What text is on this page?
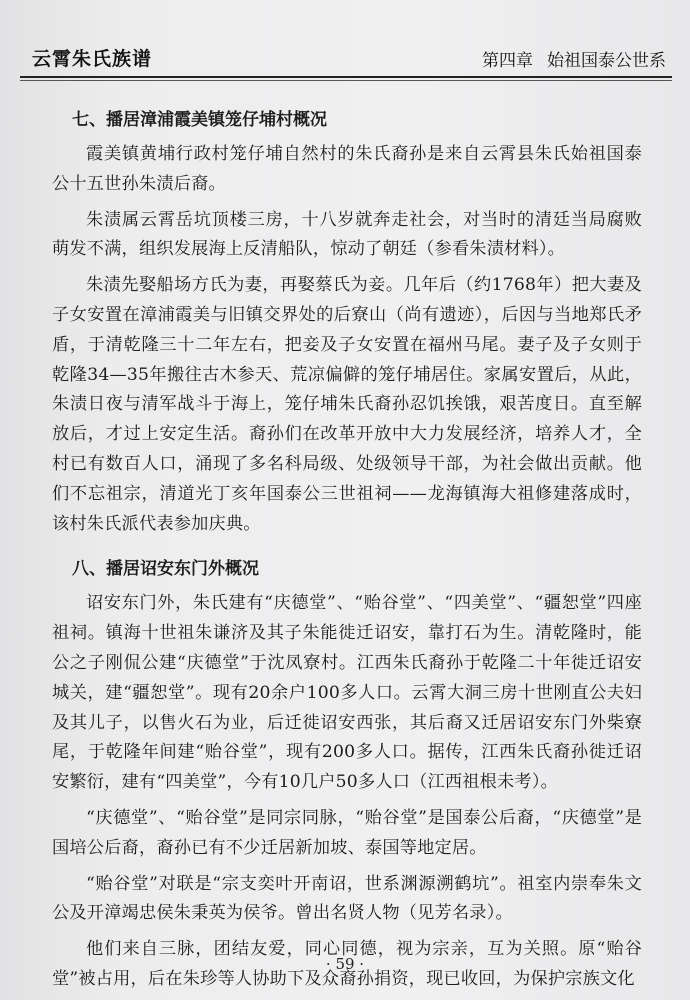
云霄朱氏族谱	第四章 始祖国泰公世系
七、播居漳浦霞美镇笼仔埔村概况

霞美镇黄埔行政村笼仔埔自然村的朱氏裔孙是来自云霄县朱氏始祖国泰公十五世孙朱渍后裔。

朱渍属云霄岳坑顶楼三房，十八岁就奔走社会，对当时的清廷当局腐败萌发不满，组织发展海上反清船队，惊动了朝廷（参看朱渍材料）。

朱渍先娶船场方氏为妻，再娶蔡氏为妾。几年后（约1768年）把大妻及子女安置在漳浦霞美与旧镇交界处的后寮山（尚有遗迹），后因与当地郑氏矛盾，于清乾隆三十二年左右，把妾及子女安置在福州马尾。妻子及子女则于乾隆34—35年搬往古木参天、荒凉偏僻的笼仔埔居住。家属安置后，从此，朱渍日夜与清军战斗于海上，笼仔埔朱氏裔孙忍饥挨饿，艰苦度日。直至解放后，才过上安定生活。裔孙们在改革开放中大力发展经济，培养人才，全村已有数百人口，涌现了多名科局级、处级领导干部，为社会做出贡献。他们不忘祖宗，清道光丁亥年国泰公三世祖祠——龙海镇海大祖修建落成时，该村朱氏派代表参加庆典。

八、播居诏安东门外概况

诏安东门外，朱氏建有“庆德堂”、“贻谷堂”、“四美堂”、“疆恕堂”四座祖祠。镇海十世祖朱谦济及其子朱能徙迁诏安，靠打石为生。清乾隆时，能公之子刚侃公建“庆德堂”于沈凤寮村。江西朱氏裔孙于乾隆二十年徙迁诏安城关，建“疆恕堂”。现有20余户100多人口。云霄大洞三房十世刚直公夫妇及其儿子，以售火石为业，后迁徙诏安西张，其后裔又迁居诏安东门外柴寮尾，于乾隆年间建“贻谷堂”，现有200多人口。据传，江西朱氏裔孙徙迁诏安繁衍，建有“四美堂”，今有10几户50多人口（江西祖根未考）。

“庆德堂”、“贻谷堂”是同宗同脉，“贻谷堂”是国泰公后裔，“庆德堂”是国培公后裔，裔孙已有不少迁居新加坡、泰国等地定居。

“贻谷堂”对联是“宗支奕叶开南诏，世系渊源溯鹤坑”。祖室内崇奉朱文公及开漳竭忠侯朱秉英为侯爷。曾出名贤人物（见芳名录）。

他们来自三脉，团结友爱，同心同德，视为宗亲，互为关照。原“贻谷堂”被占用，后在朱珍等人协助下及众裔孙捐资，现已收回，为保护宗族文化

· 59 ·
